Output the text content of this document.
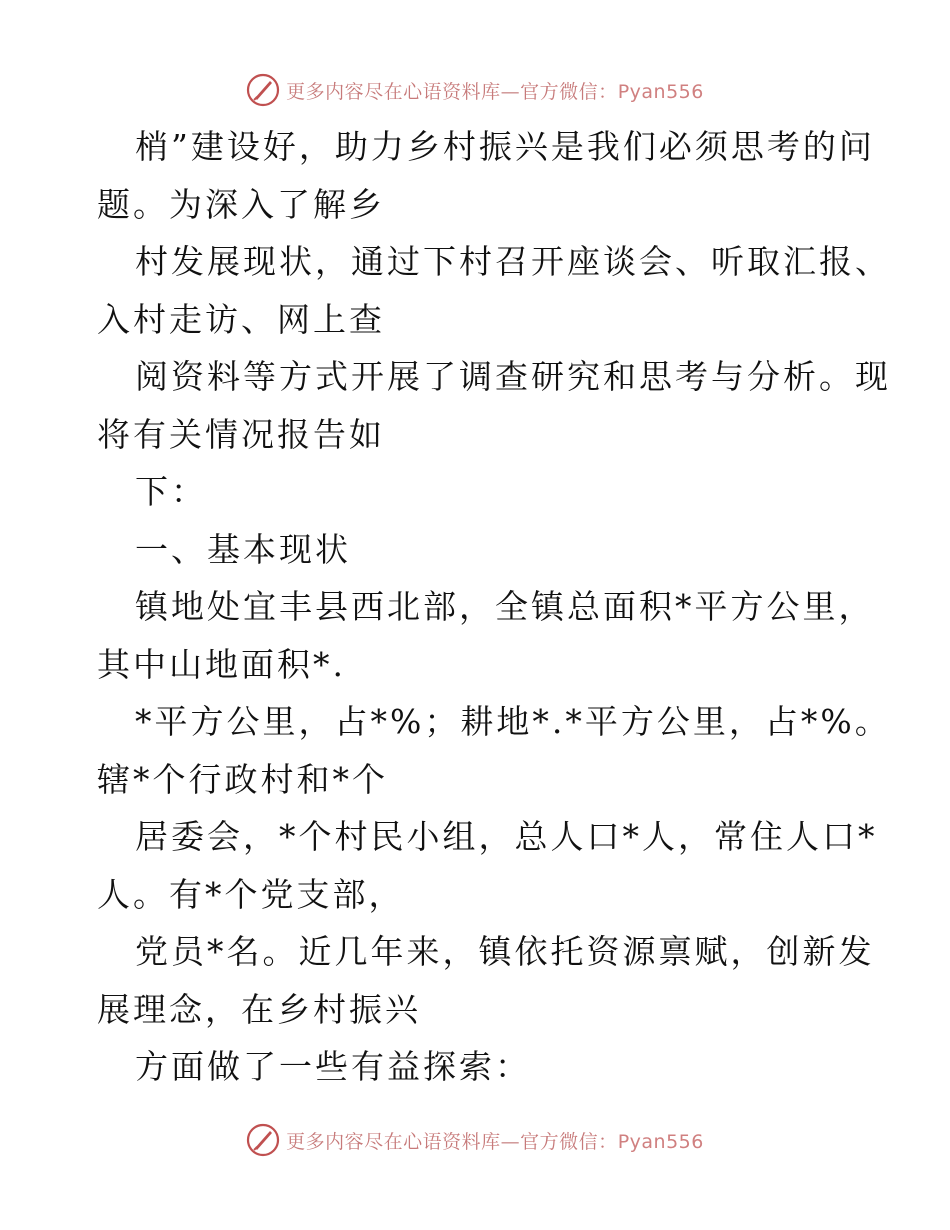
更多内容尽在心语资料库—官方微信：Pyan556
梢”建设好，助力乡村振兴是我们必须思考的问
题。为深入了解乡
村发展现状，通过下村召开座谈会、听取汇报、
入村走访、网上查
阅资料等方式开展了调查研究和思考与分析。现
将有关情况报告如
下：
一、基本现状
镇地处宜丰县西北部，全镇总面积*平方公里，
其中山地面积*.
*平方公里，占*%；耕地*.*平方公里，占*%。
辖*个行政村和*个
居委会，*个村民小组，总人口*人，常住人口*
人。有*个党支部，
党员*名。近几年来，镇依托资源禀赋，创新发
展理念，在乡村振兴
方面做了一些有益探索：
更多内容尽在心语资料库—官方微信：Pyan556
